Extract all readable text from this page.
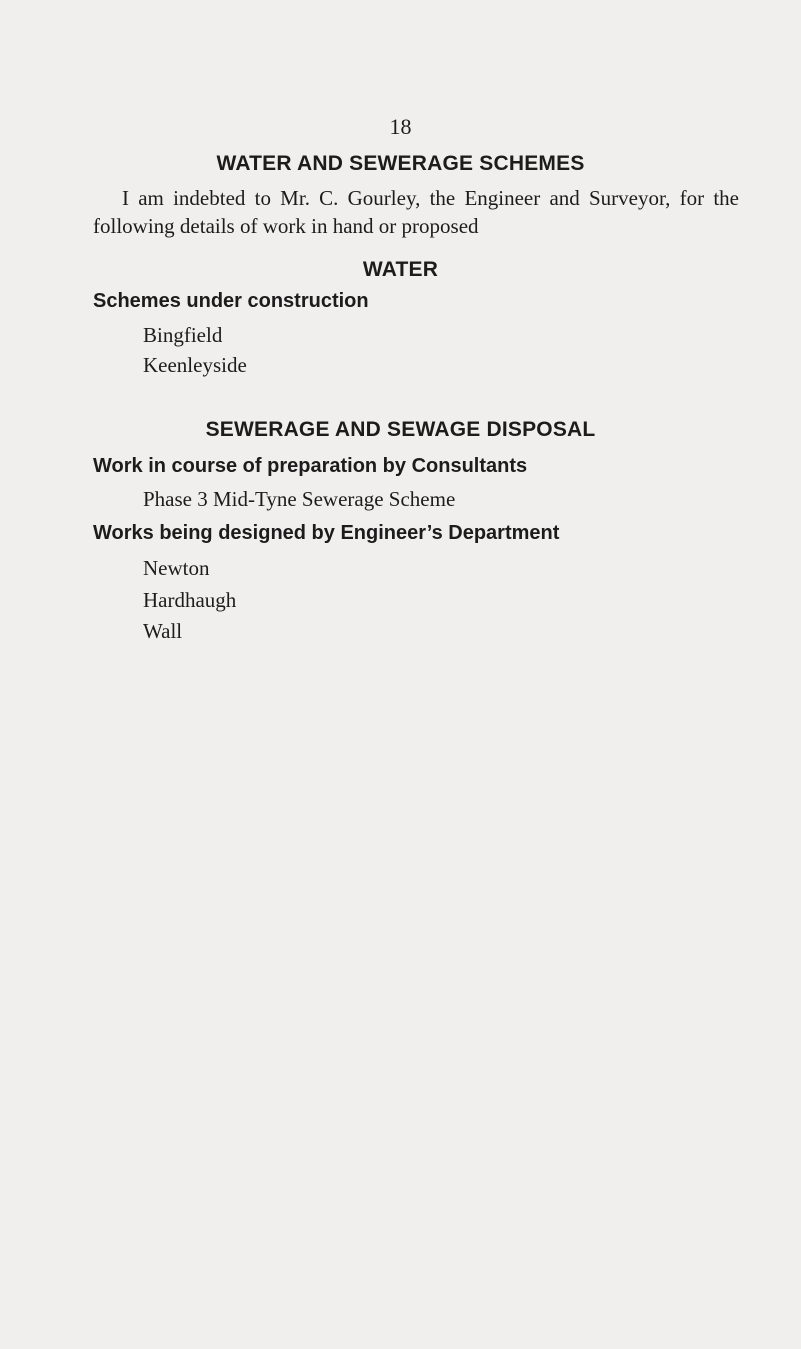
18
WATER AND SEWERAGE SCHEMES
I am indebted to Mr. C. Gourley, the Engineer and Surveyor, for the following details of work in hand or proposed
WATER
Schemes under construction
Bingfield
Keenleyside
SEWERAGE AND SEWAGE DISPOSAL
Work in course of preparation by Consultants
Phase 3 Mid-Tyne Sewerage Scheme
Works being designed by Engineer’s Department
Newton
Hardhaugh
Wall
